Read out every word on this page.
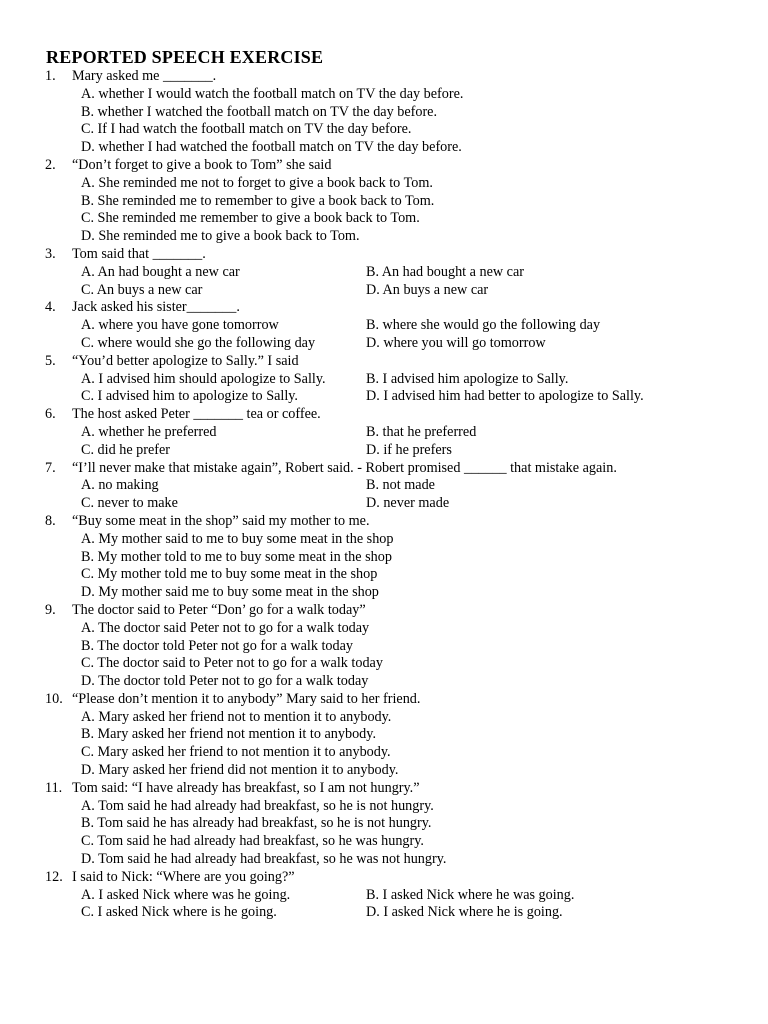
REPORTED SPEECH EXERCISE
1. Mary asked me _______.
A. whether I would watch the football match on TV the day before.
B. whether I watched the football match on TV the day before.
C. If I had watch the football match on TV the day before.
D. whether I had watched the football match on TV the day before.
2. “Don’t forget to give a book to Tom” she said
A. She reminded me not to forget to give a book back to Tom.
B. She reminded me to remember to give a book back to Tom.
C. She reminded me remember to give a book back to Tom.
D. She reminded me to give a book back to Tom.
3. Tom said that _______.
A. An had bought a new car	B. An had bought a new car
C. An buys a new car	D. An buys a new car
4. Jack asked his sister_______.
A. where you have gone tomorrow	B. where she would go the following day
C. where would she go the following day	D. where you will go tomorrow
5. “You’d better apologize to Sally.” I said
A. I advised him should apologize to Sally.	B. I advised him apologize to Sally.
C. I advised him to apologize to Sally.	D. I advised him had better to apologize to Sally.
6. The host asked Peter _______ tea or coffee.
A. whether he preferred	B. that he preferred
C. did he prefer	D. if he prefers
7. “I’ll never make that mistake again”, Robert said. - Robert promised ______ that mistake again.
A. no making	B. not made
C. never to make	D. never made
8. “Buy some meat in the shop” said my mother to me.
A. My mother said to me to buy some meat in the shop
B. My mother told to me to buy some meat in the shop
C. My mother told me to buy some meat in the shop
D. My mother said me to buy some meat in the shop
9. The doctor said to Peter “Don’ go for a walk today”
A. The doctor said Peter not to go for a walk today
B. The doctor told Peter not go for a walk today
C. The doctor said to Peter not to go for a walk today
D. The doctor told Peter not to go for a walk today
10. “Please don’t mention it to anybody” Mary said to her friend.
A. Mary asked her friend not to mention it to anybody.
B. Mary asked her friend not mention it to anybody.
C. Mary asked her friend to not mention it to anybody.
D. Mary asked her friend did not mention it to anybody.
11. Tom said: “I have already has breakfast, so I am not hungry.”
A. Tom said he had already had breakfast, so he is not hungry.
B. Tom said he has already had breakfast, so he is not hungry.
C. Tom said he had already had breakfast, so he was hungry.
D. Tom said he had already had breakfast, so he was not hungry.
12. I said to Nick: “Where are you going?”
A. I asked Nick where was he going.	B. I asked Nick where he was going.
C. I asked Nick where is he going.	D. I asked Nick where he is going.
